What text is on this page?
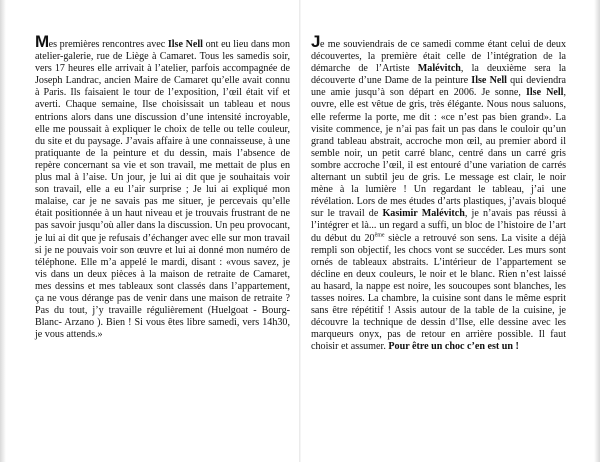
Mes premières rencontres avec Ilse Nell ont eu lieu dans mon atelier-galerie, rue de Liège à Camaret. Tous les samedis soir, vers 17 heures elle arrivait à l’atelier, parfois accompagnée de Joseph Landrac, ancien Maire de Camaret qu’elle avait connu à Paris. Ils faisaient le tour de l’exposition, l’œil était vif et averti. Chaque semaine, Ilse choisissait un tableau et nous entrions alors dans une discussion d’une intensité incroyable, elle me poussait à expliquer le choix de telle ou telle couleur, du site et du paysage. J’avais affaire à une connaisseuse, à une pratiquante de la peinture et du dessin, mais l’absence de repère concernant sa vie et son travail, me mettait de plus en plus mal à l’aise. Un jour, je lui ai dit que je souhaitais voir son travail, elle a eu l’air surprise ; Je lui ai expliqué mon malaise, car je ne savais pas me situer, je percevais qu’elle était positionnée à un haut niveau et je trouvais frustrant de ne pas savoir jusqu’où aller dans la discussion. Un peu provocant, je lui ai dit que je refusais d’échanger avec elle sur mon travail si je ne pouvais voir son œuvre et lui ai donné mon numéro de téléphone. Elle m’a appelé le mardi, disant : «vous savez, je vis dans un deux pièces à la maison de retraite de Camaret, mes dessins et mes tableaux sont classés dans l’appartement, ça ne vous dérange pas de venir dans une maison de retraite ? Pas du tout, j’y travaille régulièrement (Huelgoat - Bourg-Blanc- Arzano ). Bien ! Si vous êtes libre samedi, vers 14h30, je vous attends.»

Je me souviendrais de ce samedi comme étant celui de deux découvertes, la première était celle de l’intégration de la démarche de l’Artiste Malévitch, la deuxième sera la découverte d’une Dame de la peinture Ilse Nell qui deviendra une amie jusqu’à son départ en 2006. Je sonne, Ilse Nell, ouvre, elle est vêtue de gris, très élégante. Nous nous saluons, elle referme la porte, me dit : «ce n’est pas bien grand». La visite commence, je n’ai pas fait un pas dans le couloir qu’un grand tableau abstrait, accroche mon œil, au premier abord il semble noir, un petit carré blanc, centré dans un carré gris sombre accroche l’œil, il est entouré d’une variation de carrés alternant un subtil jeu de gris. Le message est clair, le noir mène à la lumière ! Un regardant le tableau, j’ai une révélation. Lors de mes études d’arts plastiques, j’avais bloqué sur le travail de Kasimir Malévitch, je n’avais pas réussi à l’intégrer et là... un regard a suffi, un bloc de l’histoire de l’art du début du 20ème siècle a retrouvé son sens. La visite a déjà rempli son objectif, les chocs vont se succéder. Les murs sont ornés de tableaux abstraits. L’intérieur de l’appartement se décline en deux couleurs, le noir et le blanc. Rien n’est laissé au hasard, la nappe est noire, les soucoupes sont blanches, les tasses noires. La chambre, la cuisine sont dans le même esprit sans être répétitif ! Assis autour de la table de la cuisine, je découvre la technique de dessin d’Ilse, elle dessine avec les marqueurs onyx, pas de retour en arrière possible. Il faut choisir et assumer. Pour être un choc c’en est un !
